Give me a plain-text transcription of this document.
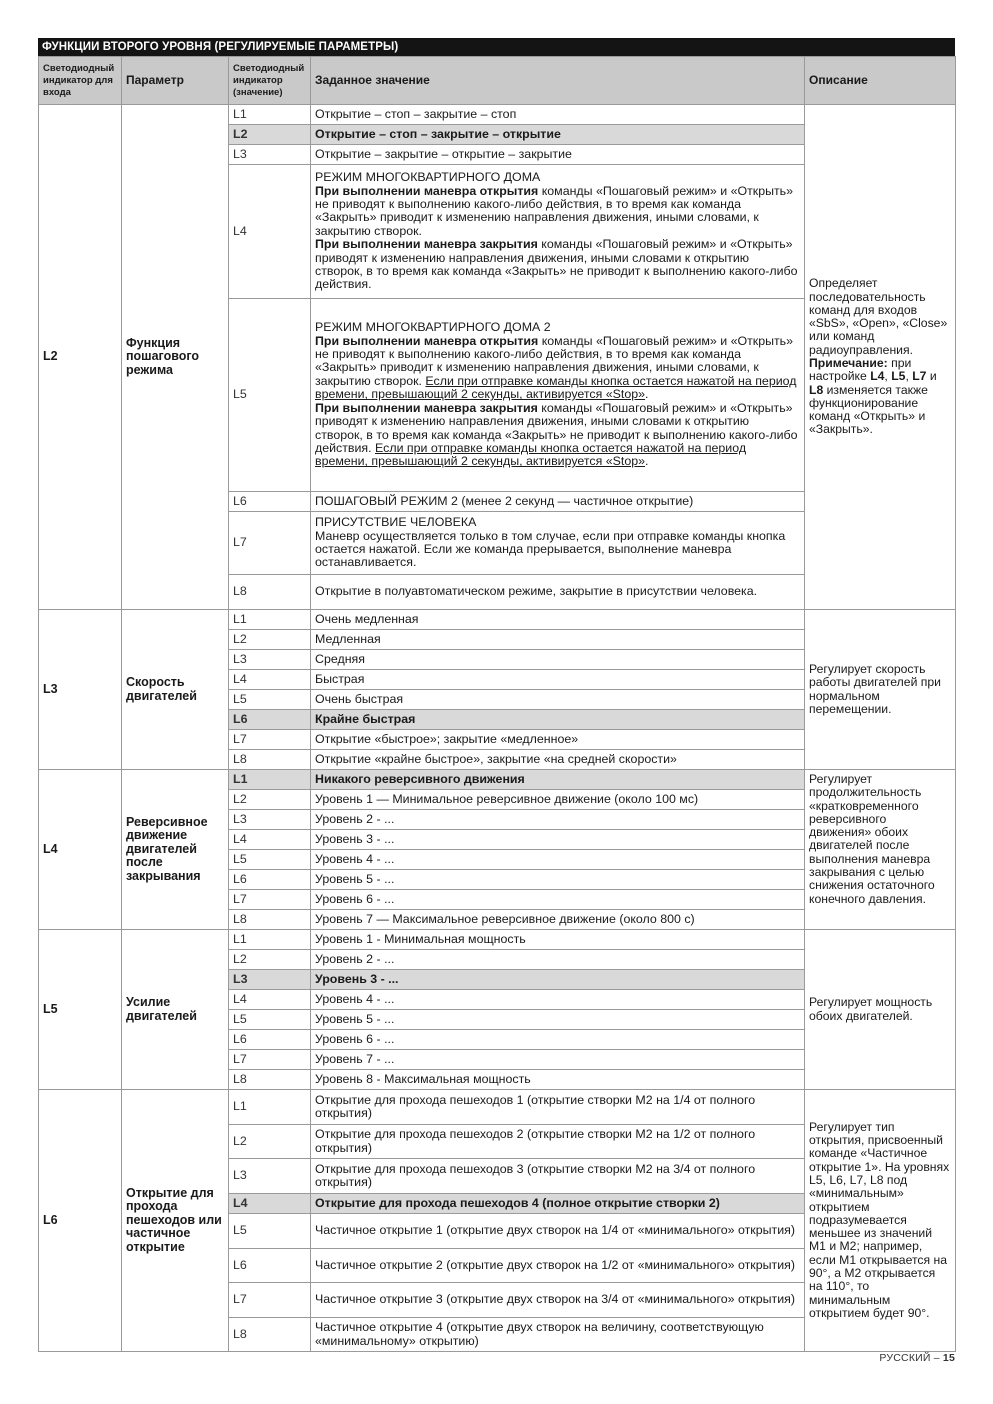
ФУНКЦИИ ВТОРОГО УРОВНЯ (РЕГУЛИРУЕМЫЕ ПАРАМЕТРЫ)
Светодиодный индикатор для входа	Параметр	Светодиодный индикатор (значение)	Заданное значение	Описание
L2	Функция пошагового режима	L1	Открытие – стоп – закрытие – стоп	Определяет последовательность команд для входов «SbS», «Open», «Close» или команд радиоуправления. Примечание: при настройке L4, L5, L7 и L8 изменяется также функционирование команд «Открыть» и «Закрыть».
		L2	Открытие – стоп – закрытие – открытие	
		L3	Открытие – закрытие – открытие – закрытие	
		L4	РЕЖИМ МНОГОКВАРТИРНОГО ДОМА
При выполнении маневра открытия команды «Пошаговый режим» и «Открыть» не приводят к выполнению какого-либо действия, в то время как команда «Закрыть» приводит к изменению направления движения, иными словами, к закрытию створок.
При выполнении маневра закрытия команды «Пошаговый режим» и «Открыть» приводят к изменению направления движения, иными словами к открытию створок, в то время как команда «Закрыть» не приводит к выполнению какого-либо действия.	
		L5	РЕЖИМ МНОГОКВАРТИРНОГО ДОМА 2
При выполнении маневра открытия команды «Пошаговый режим» и «Открыть» не приводят к выполнению какого-либо действия, в то время как команда «Закрыть» приводит к изменению направления движения, иными словами, к закрытию створок. Если при отправке команды кнопка остается нажатой на период времени, превышающий 2 секунды, активируется «Stop».
При выполнении маневра закрытия команды «Пошаговый режим» и «Открыть» приводят к изменению направления движения, иными словами к открытию створок, в то время как команда «Закрыть» не приводит к выполнению какого-либо действия. Если при отправке команды кнопка остается нажатой на период времени, превышающий 2 секунды, активируется «Stop».	
		L6	ПОШАГОВЫЙ РЕЖИМ 2 (менее 2 секунд — частичное открытие)	
		L7	ПРИСУТСТВИЕ ЧЕЛОВЕКА
Маневр осуществляется только в том случае, если при отправке команды кнопка остается нажатой. Если же команда прерывается, выполнение маневра останавливается.	
		L8	Открытие в полуавтоматическом режиме, закрытие в присутствии человека.	
L3	Скорость двигателей	L1	Очень медленная	Регулирует скорость работы двигателей при нормальном перемещении.
		L2	Медленная	
		L3	Средняя	
		L4	Быстрая	
		L5	Очень быстрая	
		L6	Крайне быстрая	
		L7	Открытие «быстрое»; закрытие «медленное»	
		L8	Открытие «крайне быстрое», закрытие «на средней скорости»	
L4	Реверсивное движение двигателей после закрывания	L1	Никакого реверсивного движения	Регулирует продолжительность «кратковременного реверсивного движения» обоих двигателей после выполнения маневра закрывания с целью снижения остаточного конечного давления.
		L2	Уровень 1 — Минимальное реверсивное движение (около 100 мс)	
		L3	Уровень 2 - ...	
		L4	Уровень 3 - ...	
		L5	Уровень 4 - ...	
		L6	Уровень 5 - ...	
		L7	Уровень 6 - ...	
		L8	Уровень 7 — Максимальное реверсивное движение (около 800 с)	
L5	Усилие двигателей	L1	Уровень 1 - Минимальная мощность	Регулирует мощность обоих двигателей.
		L2	Уровень 2 - ...	
		L3	Уровень 3 - ...	
		L4	Уровень 4 - ...	
		L5	Уровень 5 - ...	
		L6	Уровень 6 - ...	
		L7	Уровень 7 - ...	
		L8	Уровень 8 - Максимальная мощность	
L6	Открытие для прохода пешеходов или частичное открытие	L1	Открытие для прохода пешеходов 1 (открытие створки M2 на 1/4 от полного открытия)	Регулирует тип открытия, присвоенный команде «Частичное открытие 1». На уровнях L5, L6, L7, L8 под «минимальным» открытием подразумевается меньшее из значений M1 и M2; например, если M1 открывается на 90°, а M2 открывается на 110°, то минимальным открытием будет 90°.
		L2	Открытие для прохода пешеходов 2 (открытие створки M2 на 1/2 от полного открытия)	
		L3	Открытие для прохода пешеходов 3 (открытие створки M2 на 3/4 от полного открытия)	
		L4	Открытие для прохода пешеходов 4 (полное открытие створки 2)	
		L5	Частичное открытие 1 (открытие двух створок на 1/4 от «минимального» открытия)	
		L6	Частичное открытие 2 (открытие двух створок на 1/2 от «минимального» открытия)	
		L7	Частичное открытие 3 (открытие двух створок на 3/4 от «минимального» открытия)	
		L8	Частичное открытие 4 (открытие двух створок на величину, соответствующую «минимальному» открытию)	
РУССКИЙ – 15
